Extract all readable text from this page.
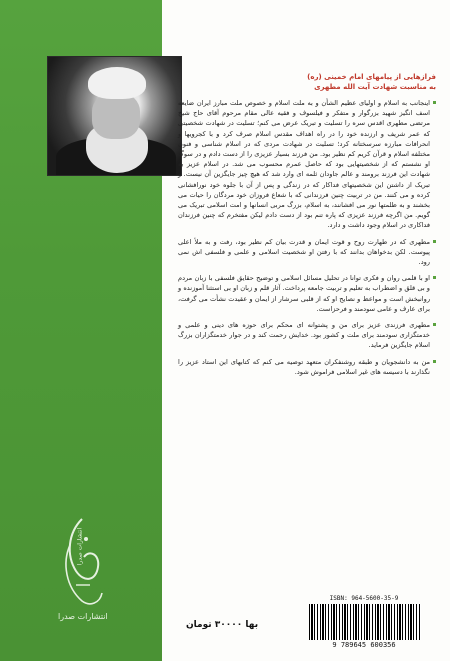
فرازهایی از پیامهای امام خمینی (ره)
به مناسبت شهادت آیت الله مطهری

اینجانب به اسلام و اولیای عظیم الشأن و به ملت اسلام و خصوص ملت مبارز ایران ضایعه اسف انگیز شهید بزرگوار و متفکر و فیلسوف و فقیه عالی مقام مرحوم آقای حاج شیخ مرتضی مطهری اقدس سره را تسلیت و تبریک عرض می کنم؛ تسلیت در شهادت شخصیتی که عمر شریف و ارزنده خود را در راه اهداف مقدس اسلام صرف کرد و با کجرویها و انحرافات مبارزه سرسختانه کرد؛ تسلیت در شهادت مردی که در اسلام شناسی و فنون مختلفه اسلام و قرآن کریم کم نظیر بود. من فرزند بسیار عزیزی را از دست دادم و در سوگ او نشستم که از شخصیتهایی بود که حاصل عمرم محسوب می شد. در اسلام عزیز به شهادت این فرزند برومند و عالم جاودان ثلمه ای وارد شد که هیچ چیز جایگزین آن نیست. و تبریک از داشتن این شخصیتهای فداکار که در زندگی و پس از آن با جلوه خود نورافشانی کرده و می کنند. من در تربیت چنین فرزندانی که با شعاع فروزان خود مردگان را حیات می بخشند و به ظلمتها نور می افشانند، به اسلام، بزرگ مربی انسانها و امت اسلامی تبریک می گویم. من اگرچه فرزند عزیزی که پاره تنم بود از دست دادم لیکن مفتخرم که چنین فرزندان فداکاری در اسلام وجود داشت و دارد.

مطهری که در طهارت روح و قوت ایمان و قدرت بیان کم نظیر بود، رفت و به ملأ اعلی پیوست. لکن بدخواهان بدانند که با رفتن او شخصیت اسلامی و علمی و فلسفی اش نمی رود.

او با قلمی روان و فکری توانا در تحلیل مسائل اسلامی و توضیح حقایق فلسفی با زبان مردم و بی قلق و اضطراب به تعلیم و تربیت جامعه پرداخت. آثار قلم و زبان او بی استثنا آموزنده و روانبخش است و مواعظ و نصایح او که از قلبی سرشار از ایمان و عقیدت نشأت می گرفت، برای عارف و عامی سودمند و فرحزاست.

مطهری فرزندی عزیز برای من و پشتوانه ای محکم برای حوزه های دینی و علمی و خدمتگزاری سودمند برای ملت و کشور بود. خدایش رحمت کند و در جوار خدمتگزاران بزرگ اسلام جایگزین فرماید.

من به دانشجویان و طبقه روشنفکران متعهد توصیه می کنم که کتابهای این استاد عزیز را نگذارند با دسیسه های غیر اسلامی فراموش شود.

انتشارات صدرا
انتشارات صدرا
ISBN: 964-5600-35-9
9 789645 600356
بها ۳۰۰۰۰ تومان
